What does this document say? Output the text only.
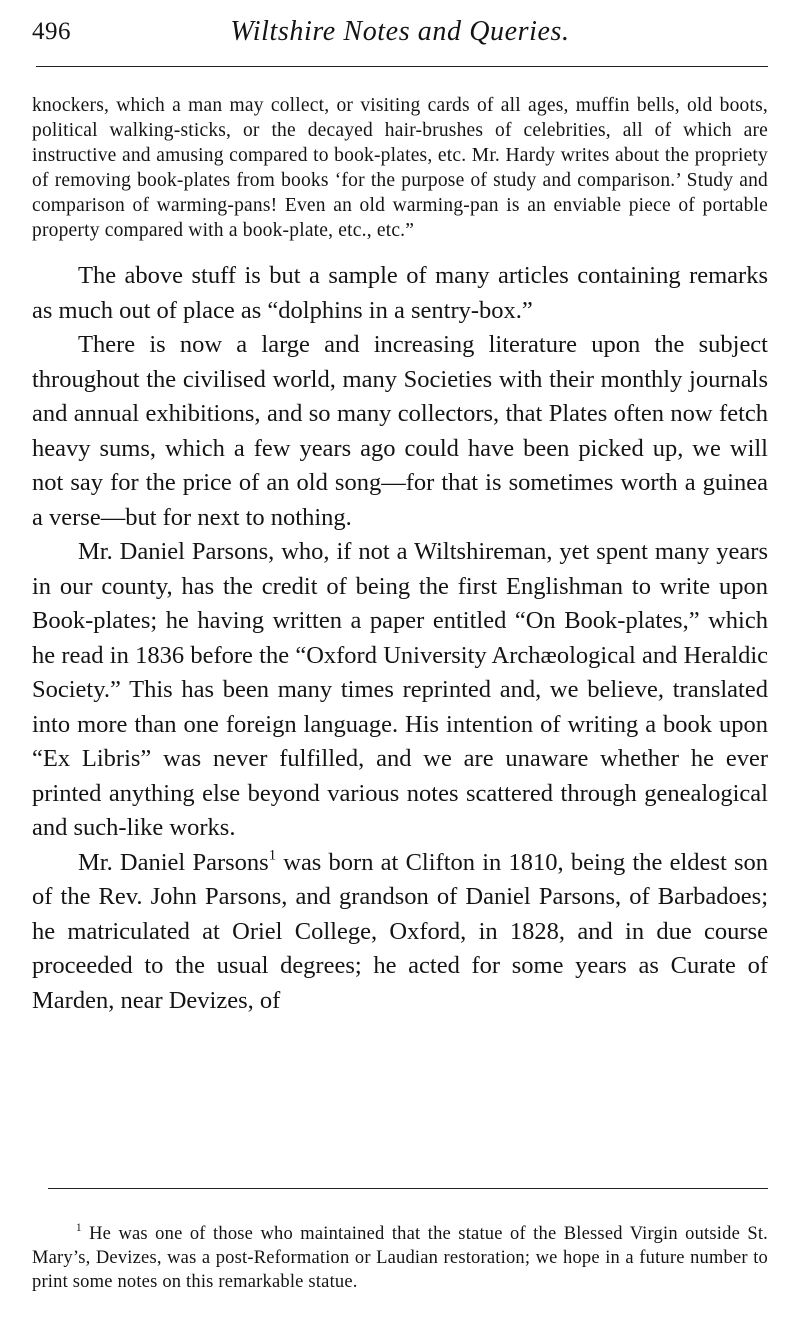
496	Wiltshire Notes and Queries.
knockers, which a man may collect, or visiting cards of all ages, muffin bells, old boots, political walking-sticks, or the decayed hair-brushes of celebrities, all of which are instructive and amusing compared to book-plates, etc. Mr. Hardy writes about the propriety of removing book-plates from books ‘for the purpose of study and comparison.’ Study and comparison of warming-pans! Even an old warming-pan is an enviable piece of portable property compared with a book-plate, etc., etc.”

The above stuff is but a sample of many articles containing remarks as much out of place as “dolphins in a sentry-box.”

There is now a large and increasing literature upon the subject throughout the civilised world, many Societies with their monthly journals and annual exhibitions, and so many collectors, that Plates often now fetch heavy sums, which a few years ago could have been picked up, we will not say for the price of an old song—for that is sometimes worth a guinea a verse—but for next to nothing.

Mr. Daniel Parsons, who, if not a Wiltshireman, yet spent many years in our county, has the credit of being the first Englishman to write upon Book-plates; he having written a paper entitled “On Book-plates,” which he read in 1836 before the “Oxford University Archæological and Heraldic Society.” This has been many times reprinted and, we believe, translated into more than one foreign language. His intention of writing a book upon “Ex Libris” was never fulfilled, and we are unaware whether he ever printed anything else beyond various notes scattered through genealogical and such-like works.

Mr. Daniel Parsons$^1$ was born at Clifton in 1810, being the eldest son of the Rev. John Parsons, and grandson of Daniel Parsons, of Barbadoes; he matriculated at Oriel College, Oxford, in 1828, and in due course proceeded to the usual degrees; he acted for some years as Curate of Marden, near Devizes, of

$^1$ He was one of those who maintained that the statue of the Blessed Virgin outside St. Mary’s, Devizes, was a post-Reformation or Laudian restoration; we hope in a future number to print some notes on this remarkable statue.
